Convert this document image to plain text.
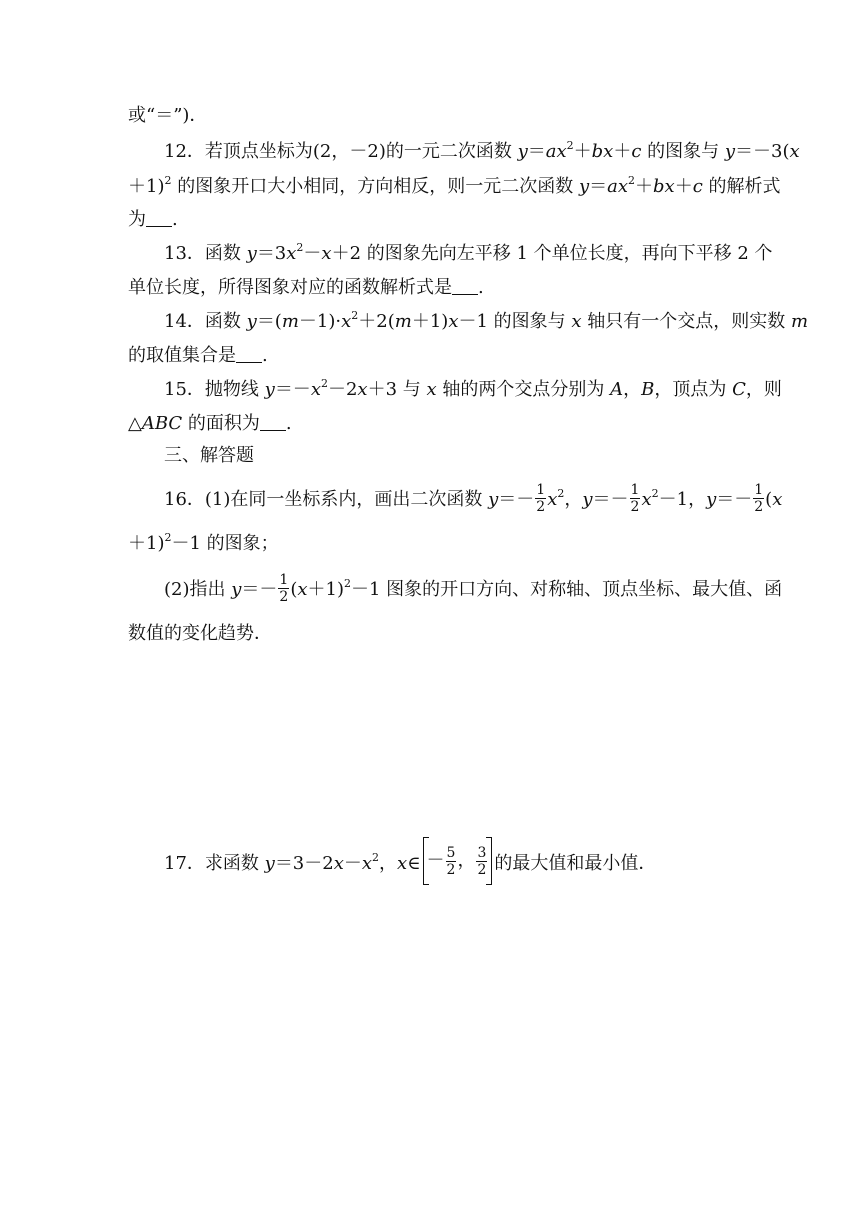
或“＝”)．
12．若顶点坐标为(2，－2)的一元二次函数 $y=ax^2+bx+c$ 的图象与 y＝－3(x
＋1)$^2$ 的图象开口大小相同，方向相反，则一元二次函数 $y=ax^2+bx+c$ 的解析式
为 .
13．函数 $y=3x^2-x+2$ 的图象先向左平移 1 个单位长度，再向下平移 2 个
单位长度，所得图象对应的函数解析式是 .
14．函数 $y=(m-1)\cdot x^2+2(m+1)x-1$ 的图象与 x 轴只有一个交点，则实数 m
的取值集合是 .
15．抛物线 $y=-x^2-2x+3$ 与 x 轴的两个交点分别为 A，B，顶点为 C，则
△ABC 的面积为 .
三、解答题
16．(1)在同一坐标系内，画出二次函数 $y=- \frac{1}{2} x^2$，$y=- \frac{1}{2} x^2-1$，$y=- \frac{1}{2} (x$
＋1)$^2$－1 的图象；
(2)指出 $y=- \frac{1}{2} (x+1)^2-1$ 图象的开口方向、对称轴、顶点坐标、最大值、函
数值的变化趋势．
17．求函数 $y=3-2x-x^2$，x∈ － $\frac{5}{2}$ ， $\frac{3}{2}$ 的最大值和最小值．
